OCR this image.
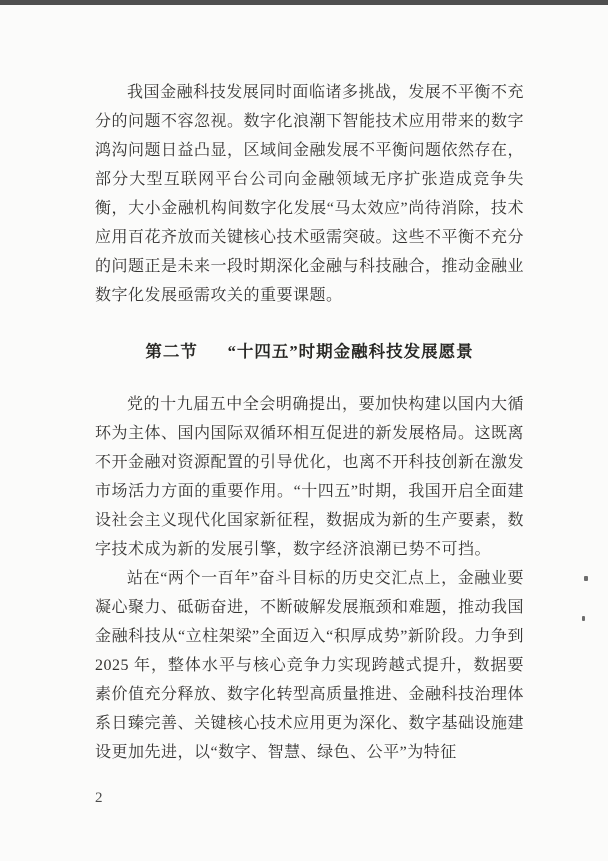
我国金融科技发展同时面临诸多挑战，发展不平衡不充分的问题不容忽视。数字化浪潮下智能技术应用带来的数字鸿沟问题日益凸显，区域间金融发展不平衡问题依然存在，部分大型互联网平台公司向金融领域无序扩张造成竞争失衡，大小金融机构间数字化发展“马太效应”尚待消除，技术应用百花齐放而关键核心技术亟需突破。这些不平衡不充分的问题正是未来一段时期深化金融与科技融合，推动金融业数字化发展亟需攻关的重要课题。

第二节 “十四五”时期金融科技发展愿景

党的十九届五中全会明确提出，要加快构建以国内大循环为主体、国内国际双循环相互促进的新发展格局。这既离不开金融对资源配置的引导优化，也离不开科技创新在激发市场活力方面的重要作用。“十四五”时期，我国开启全面建设社会主义现代化国家新征程，数据成为新的生产要素，数字技术成为新的发展引擎，数字经济浪潮已势不可挡。

站在“两个一百年”奋斗目标的历史交汇点上，金融业要凝心聚力、砥砺奋进，不断破解发展瓶颈和难题，推动我国金融科技从“立柱架梁”全面迈入“积厚成势”新阶段。力争到 2025 年，整体水平与核心竞争力实现跨越式提升，数据要素价值充分释放、数字化转型高质量推进、金融科技治理体系日臻完善、关键核心技术应用更为深化、数字基础设施建设更加先进，以“数字、智慧、绿色、公平”为特征

2
